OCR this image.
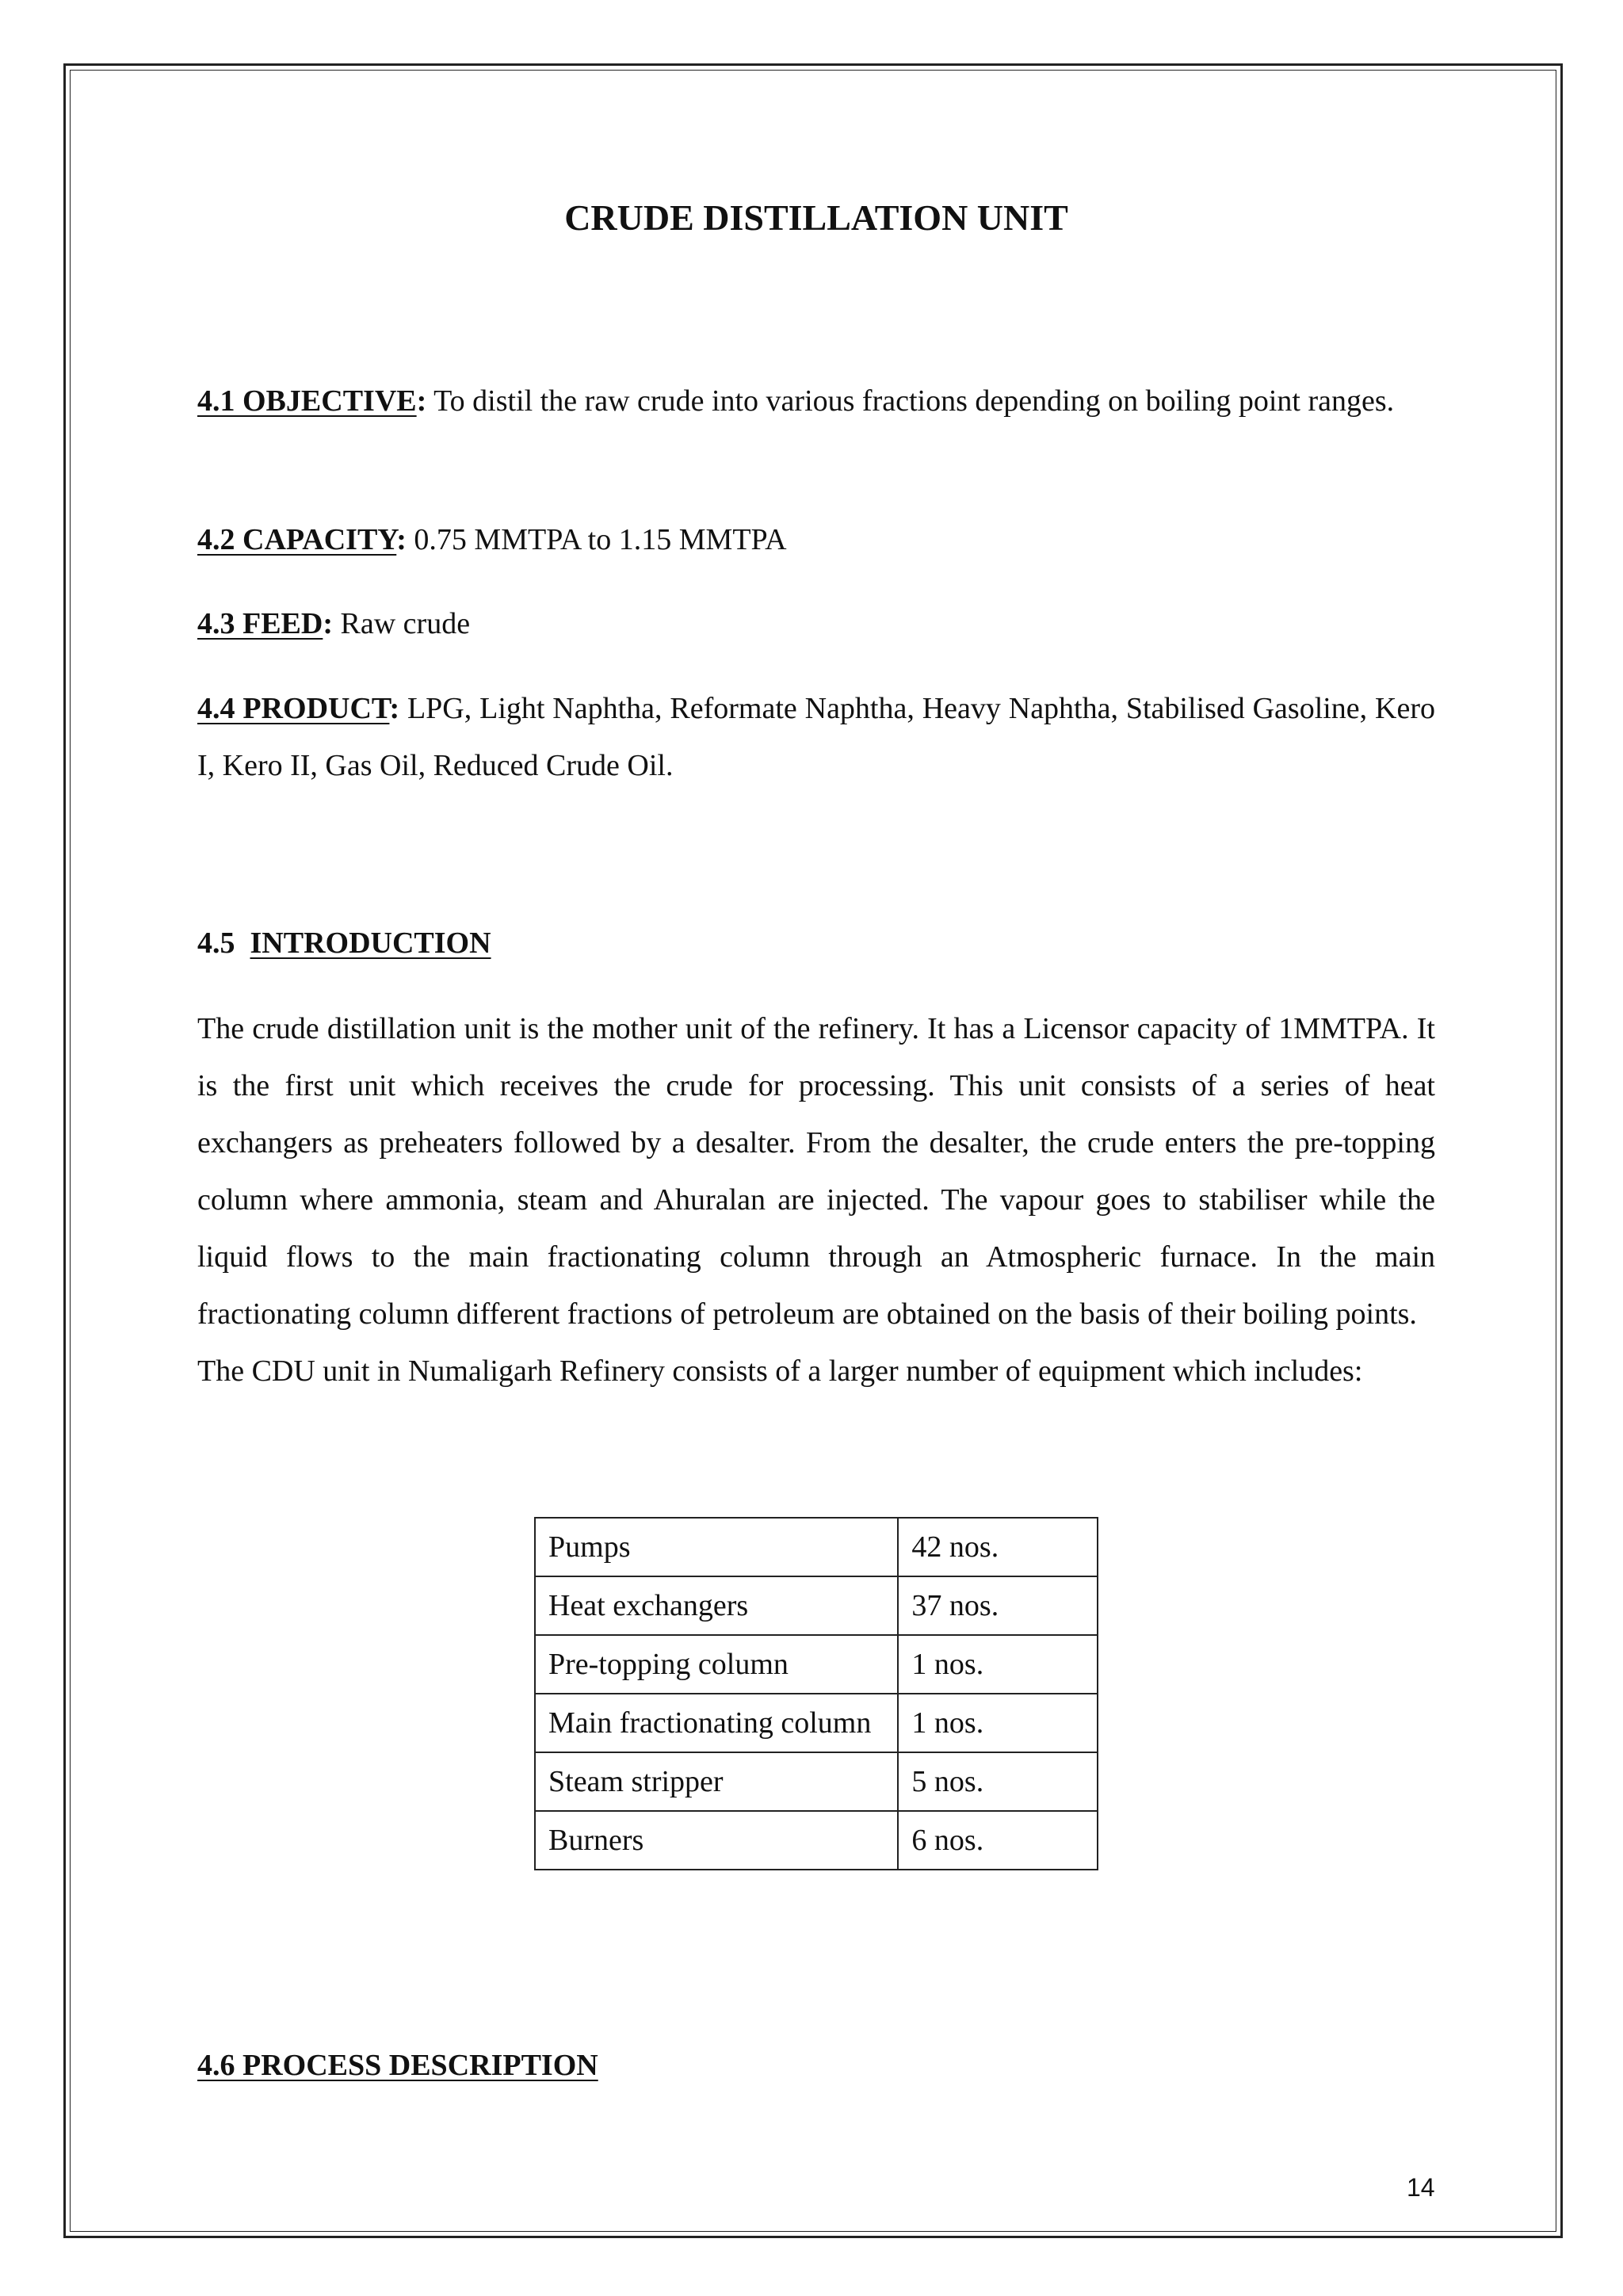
CRUDE DISTILLATION UNIT

4.1 OBJECTIVE: To distil the raw crude into various fractions depending on boiling point ranges.

4.2 CAPACITY: 0.75 MMTPA to 1.15 MMTPA

4.3 FEED: Raw crude

4.4 PRODUCT: LPG, Light Naphtha, Reformate Naphtha, Heavy Naphtha, Stabilised Gasoline, Kero I, Kero II, Gas Oil, Reduced Crude Oil.

4.5 INTRODUCTION

The crude distillation unit is the mother unit of the refinery. It has a Licensor capacity of 1MMTPA. It is the first unit which receives the crude for processing. This unit consists of a series of heat exchangers as preheaters followed by a desalter. From the desalter, the crude enters the pre-topping column where ammonia, steam and Ahuralan are injected. The vapour goes to stabiliser while the liquid flows to the main fractionating column through an Atmospheric furnace. In the main fractionating column different fractions of petroleum are obtained on the basis of their boiling points.

The CDU unit in Numaligarh Refinery consists of a larger number of equipment which includes:

Pumps	42 nos.
Heat exchangers	37 nos.
Pre-topping column	1 nos.
Main fractionating column	1 nos.
Steam stripper	5 nos.
Burners	6 nos.

4.6 PROCESS DESCRIPTION

14
